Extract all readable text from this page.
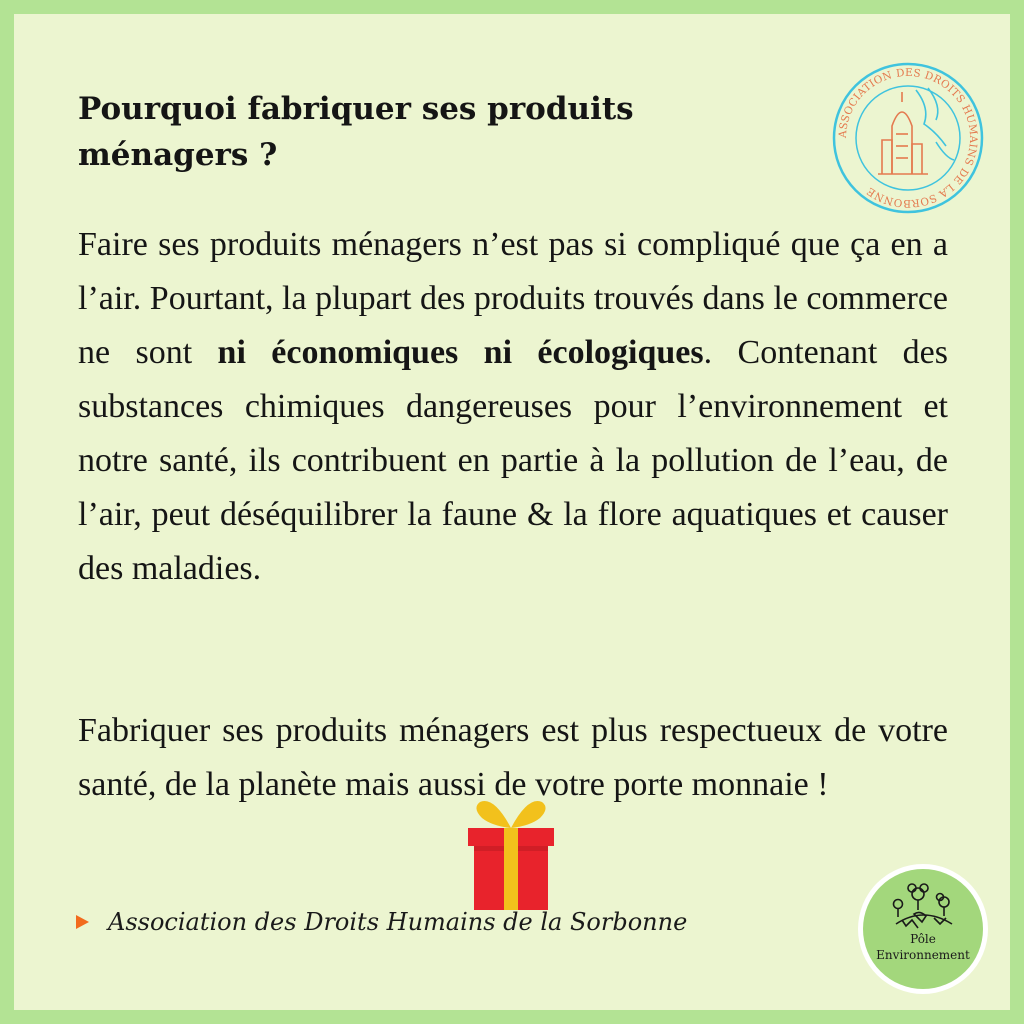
Pourquoi fabriquer ses produits ménagers ?
ASSOCIATION DES DROITS HUMAINS DE LA SORBONNE

Faire ses produits ménagers n’est pas si compliqué que ça en a l’air. Pourtant, la plupart des produits trouvés dans le commerce ne sont ni économiques ni écologiques. Contenant des substances chimiques dangereuses pour l’environnement et notre santé, ils contribuent en partie à la pollution de l’eau, de l’air, peut déséquilibrer la faune & la flore aquatiques et causer des maladies.

Fabriquer ses produits ménagers est plus respectueux de votre santé, de la planète mais aussi de votre porte monnaie !

Association des Droits Humains de la Sorbonne
Pôle
Environnement
